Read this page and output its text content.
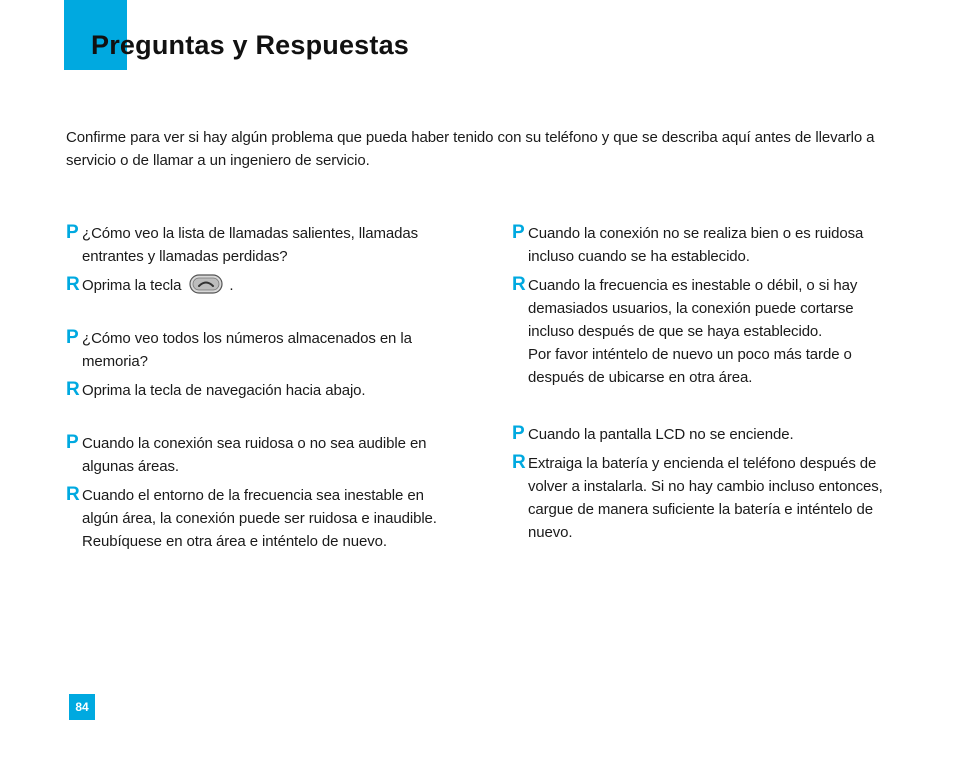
Preguntas y Respuestas

Confirme para ver si hay algún problema que pueda haber tenido con su teléfono y que se describa aquí antes de llevarlo a servicio o de llamar a un ingeniero de servicio.

P ¿Cómo veo la lista de llamadas salientes, llamadas entrantes y llamadas perdidas?

R Oprima la tecla	.

P ¿Cómo veo todos los números almacenados en la memoria?

R Oprima la tecla de navegación hacia abajo.

P Cuando la conexión sea ruidosa o no sea audible en algunas áreas.

R Cuando el entorno de la frecuencia sea inestable en algún área, la conexión puede ser ruidosa e inaudible. Reubíquese en otra área e inténtelo de nuevo.

P Cuando la conexión no se realiza bien o es ruidosa incluso cuando se ha establecido.

R Cuando la frecuencia es inestable o débil, o si hay demasiados usuarios, la conexión puede cortarse incluso después de que se haya establecido.
Por favor inténtelo de nuevo un poco más tarde o después de ubicarse en otra área.

P Cuando la pantalla LCD no se enciende.

R Extraiga la batería y encienda el teléfono después de volver a instalarla. Si no hay cambio incluso entonces, cargue de manera suficiente la batería e inténtelo de nuevo.

84
